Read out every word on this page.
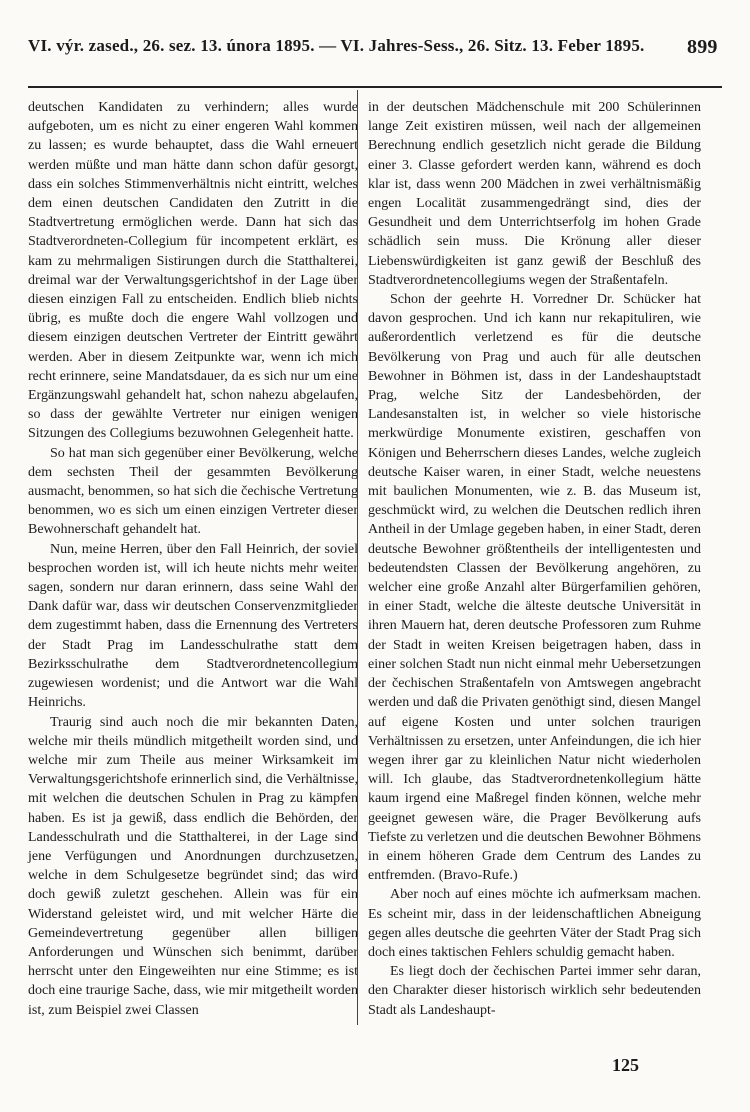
VI. výr. zased., 26. sez. 13. února 1895. — VI. Jahres-Sess., 26. Sitz. 13. Feber 1895. 899

deutschen Kandidaten zu verhindern; alles wurde aufgeboten, um es nicht zu einer engeren Wahl kommen zu lassen; es wurde behauptet, dass die Wahl erneuert werden müßte und man hätte dann schon dafür gesorgt, dass ein solches Stimmenverhältnis nicht eintritt, welches dem einen deutschen Candidaten den Zutritt in die Stadtvertretung ermöglichen werde. Dann hat sich das Stadtverordneten-Collegium für incompetent erklärt, es kam zu mehrmaligen Sistirungen durch die Statthalterei, dreimal war der Verwaltungsgerichtshof in der Lage über diesen einzigen Fall zu entscheiden. Endlich blieb nichts übrig, es mußte doch die engere Wahl vollzogen und diesem einzigen deutschen Vertreter der Eintritt gewährt werden. Aber in diesem Zeitpunkte war, wenn ich mich recht erinnere, seine Mandatsdauer, da es sich nur um eine Ergänzungswahl gehandelt hat, schon nahezu abgelaufen, so dass der gewählte Vertreter nur einigen wenigen Sitzungen des Collegiums bezuwohnen Gelegenheit hatte.

So hat man sich gegenüber einer Bevölkerung, welche dem sechsten Theil der gesammten Bevölkerung ausmacht, benommen, so hat sich die čechische Vertretung benommen, wo es sich um einen einzigen Vertreter dieser Bewohnerschaft gehandelt hat.

Nun, meine Herren, über den Fall Heinrich, der soviel besprochen worden ist, will ich heute nichts mehr weiter sagen, sondern nur daran erinnern, dass seine Wahl der Dank dafür war, dass wir deutschen Conservenzmitglieder dem zugestimmt haben, dass die Ernennung des Vertreters der Stadt Prag im Landesschulrathe statt dem Bezirksschulrathe dem Stadtverordnetencollegium zugewiesen wordenist; und die Antwort war die Wahl Heinrichs.

Traurig sind auch noch die mir bekannten Daten, welche mir theils mündlich mitgetheilt worden sind, und welche mir zum Theile aus meiner Wirksamkeit im Verwaltungsgerichtshofe erinnerlich sind, die Verhältnisse, mit welchen die deutschen Schulen in Prag zu kämpfen haben. Es ist ja gewiß, dass endlich die Behörden, der Landesschulrath und die Statthalterei, in der Lage sind jene Verfügungen und Anordnungen durchzusetzen, welche in dem Schulgesetze begründet sind; das wird doch gewiß zuletzt geschehen. Allein was für ein Widerstand geleistet wird, und mit welcher Härte die Gemeindevertretung gegenüber allen billigen Anforderungen und Wünschen sich benimmt, darüber herrscht unter den Eingeweihten nur eine Stimme; es ist doch eine traurige Sache, dass, wie mir mitgetheilt worden ist, zum Beispiel zwei Classen

in der deutschen Mädchenschule mit 200 Schülerinnen lange Zeit existiren müssen, weil nach der allgemeinen Berechnung endlich gesetzlich nicht gerade die Bildung einer 3. Classe gefordert werden kann, während es doch klar ist, dass wenn 200 Mädchen in zwei verhältnismäßig engen Localität zusammengedrängt sind, dies der Gesundheit und dem Unterrichtserfolg im hohen Grade schädlich sein muss. Die Krönung aller dieser Liebenswürdigkeiten ist ganz gewiß der Beschluß des Stadtverordnetencollegiums wegen der Straßentafeln.

Schon der geehrte H. Vorredner Dr. Schücker hat davon gesprochen. Und ich kann nur rekapituliren, wie außerordentlich verletzend es für die deutsche Bevölkerung von Prag und auch für alle deutschen Bewohner in Böhmen ist, dass in der Landeshauptstadt Prag, welche Sitz der Landesbehörden, der Landesanstalten ist, in welcher so viele historische merkwürdige Monumente existiren, geschaffen von Königen und Beherrschern dieses Landes, welche zugleich deutsche Kaiser waren, in einer Stadt, welche neuestens mit baulichen Monumenten, wie z. B. das Museum ist, geschmückt wird, zu welchen die Deutschen redlich ihren Antheil in der Umlage gegeben haben, in einer Stadt, deren deutsche Bewohner größtentheils der intelligentesten und bedeutendsten Classen der Bevölkerung angehören, zu welcher eine große Anzahl alter Bürgerfamilien gehören, in einer Stadt, welche die älteste deutsche Universität in ihren Mauern hat, deren deutsche Professoren zum Ruhme der Stadt in weiten Kreisen beigetragen haben, dass in einer solchen Stadt nun nicht einmal mehr Uebersetzungen der čechischen Straßentafeln von Amtswegen angebracht werden und daß die Privaten genöthigt sind, diesen Mangel auf eigene Kosten und unter solchen traurigen Verhältnissen zu ersetzen, unter Anfeindungen, die ich hier wegen ihrer gar zu kleinlichen Natur nicht wiederholen will. Ich glaube, das Stadtverordnetenkollegium hätte kaum irgend eine Maßregel finden können, welche mehr geeignet gewesen wäre, die Prager Bevölkerung aufs Tiefste zu verletzen und die deutschen Bewohner Böhmens in einem höheren Grade dem Centrum des Landes zu entfremden. (Bravo-Rufe.)

Aber noch auf eines möchte ich aufmerksam machen. Es scheint mir, dass in der leidenschaftlichen Abneigung gegen alles deutsche die geehrten Väter der Stadt Prag sich doch eines taktischen Fehlers schuldig gemacht haben.

Es liegt doch der čechischen Partei immer sehr daran, den Charakter dieser historisch wirklich sehr bedeutenden Stadt als Landeshaupt-

125
